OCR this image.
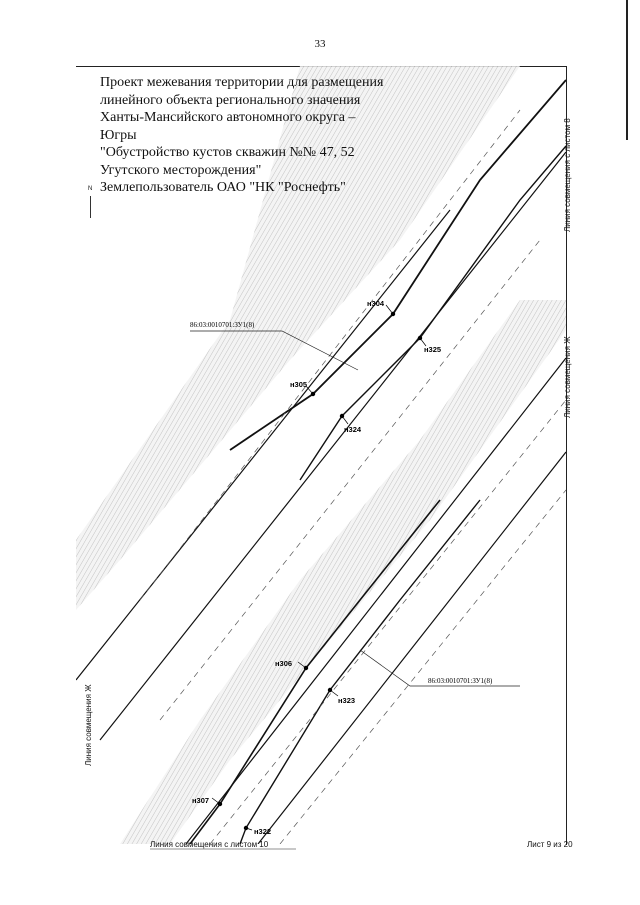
33
н304
н325
н305
н324
н306
н323
н307
н322
86:03:0010701:ЗУ1(8)
86:03:0010701:ЗУ1(8)
Проект межевания территории для размещения
линейного объекта регионального значения
Ханты-Мансийского автономного округа –
Югры
"Обустройство кустов скважин №№ 47, 52
Угутского месторождения"
Землепользователь ОАО "НК "Роснефть"
N	Линия совмещения с листом 8
Линия совмещения Ж
Линия совмещения Ж
Линия совмещения с листом 10	Лист 9 из 20
